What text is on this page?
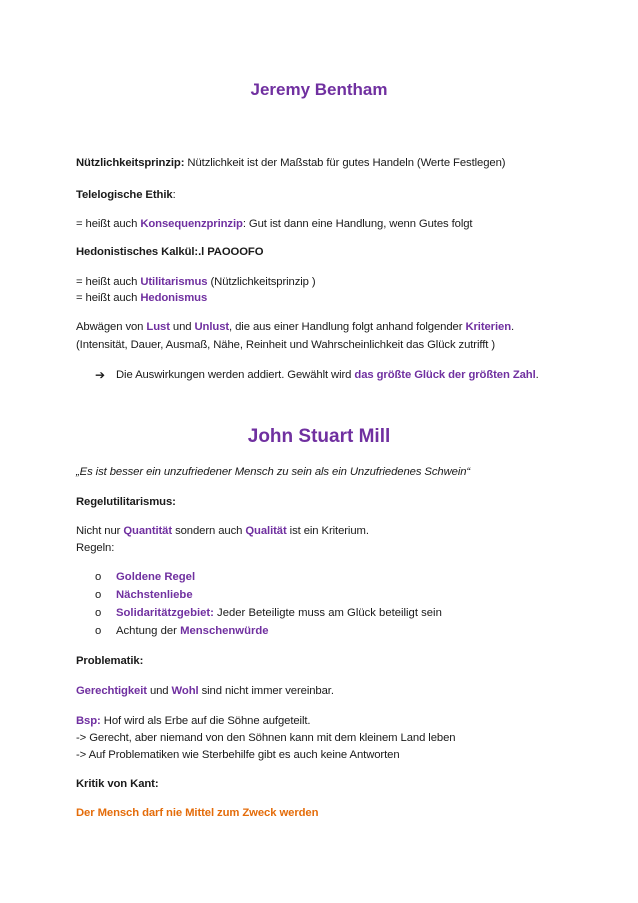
Jeremy Bentham
Nützlichkeitsprinzip: Nützlichkeit ist der Maßstab für gutes Handeln (Werte Festlegen)
Telelogische Ethik:
= heißt auch Konsequenzprinzip: Gut ist dann eine Handlung, wenn Gutes folgt
Hedonistisches Kalkül:.l PAOOOFO
= heißt auch Utilitarismus (Nützlichkeitsprinzip )
= heißt auch Hedonismus
Abwägen von Lust und Unlust, die aus einer Handlung folgt anhand folgender Kriterien.
(Intensität, Dauer, Ausmaß, Nähe, Reinheit und Wahrscheinlichkeit das Glück zutrifft )
➔ Die Auswirkungen werden addiert. Gewählt wird das größte Glück der größten Zahl.
John Stuart Mill
„Es ist besser ein unzufriedener Mensch zu sein als ein Unzufriedenes Schwein“
Regelutilitarismus:
Nicht nur Quantität sondern auch Qualität ist ein Kriterium.
Regeln:
o Goldene Regel
o Nächstenliebe
o Solidaritätzgebiet: Jeder Beteiligte muss am Glück beteiligt sein
o Achtung der Menschenwürde
Problematik:
Gerechtigkeit und Wohl sind nicht immer vereinbar.
Bsp: Hof wird als Erbe auf die Söhne aufgeteilt.
-> Gerecht, aber niemand von den Söhnen kann mit dem kleinem Land leben
-> Auf Problematiken wie Sterbehilfe gibt es auch keine Antworten
Kritik von Kant:
Der Mensch darf nie Mittel zum Zweck werden
